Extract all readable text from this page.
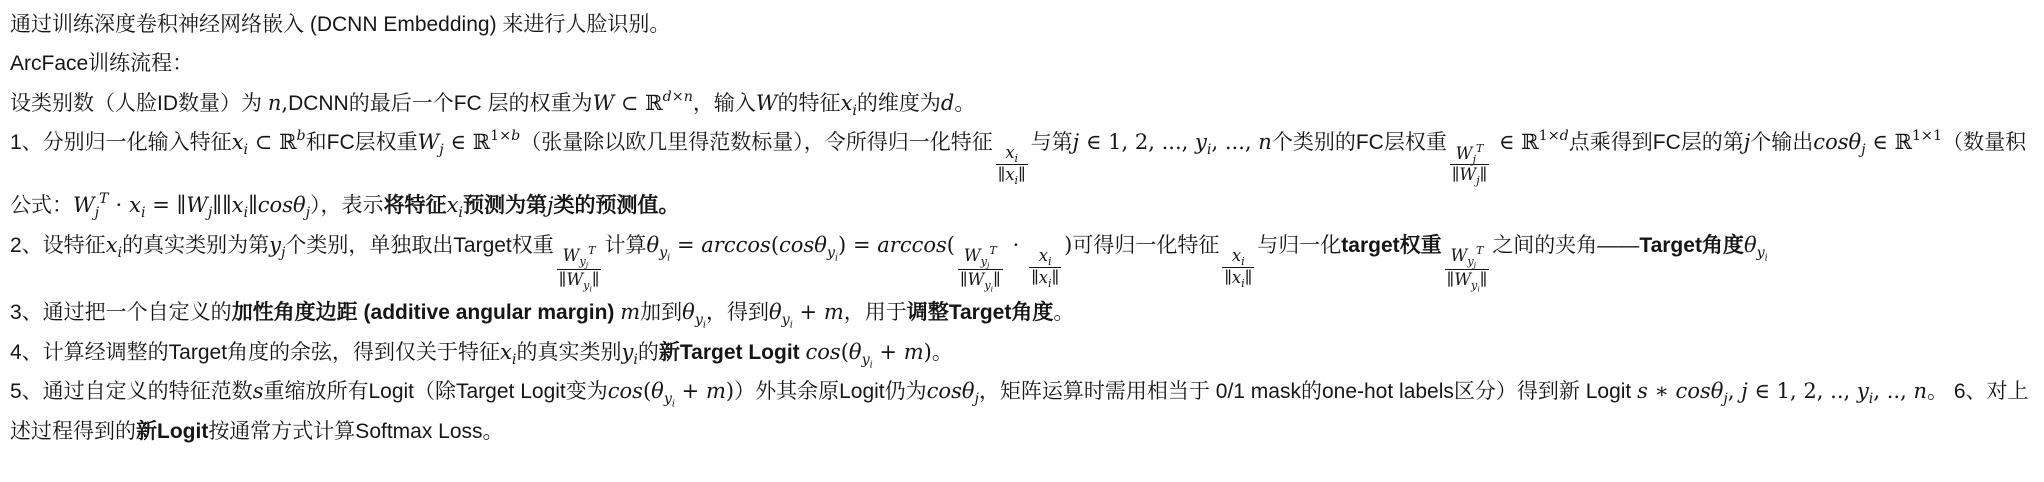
通过训练深度卷积神经网络嵌入 (DCNN Embedding) 来进行人脸识别。
ArcFace训练流程：
设类别数（人脸ID数量）为 n,DCNN的最后一个FC 层的权重为W ⊂ ℝ$^{d\times n}$，输入W的特征$x_i$的维度为d。
1、分别归一化输入特征$x_i$ ⊂ ℝ$^b$和FC层权重$W_j$ ∈ ℝ$^{1\times b}$（张量除以欧几里得范数标量），令所得归一化特征
$\frac{x_i}{\parallel x_i\parallel}$
与第j ∈ 1, 2, ..., $y_i$, ..., n个类别的FC层权重 $\frac{W_j^T}{\parallel W_j\parallel}$
∈ ℝ$^{1\times d}$点乘得到FC层的第j个输出cosθ$_j$ ∈ ℝ$^{1\times 1}$（数量积公式：$W_j^T \cdot x_i$ = $\parallel W_j\parallel\parallel x_i\parallel\cos\theta_j$），表示将特征$x_i$预测为第j类的预测值。
2、设特征$x_i$的真实类别为第$y_j$个类别，单独取出Target权重 $\frac{W_{y_j}^T}{\parallel W_{y_i}\parallel}$ 计算$\theta_{y_i} = \arccos(\cos\theta_{y_i}) = \arccos$(
$\frac{W_{y_j}^T}{\parallel W_{y_i}\parallel}$
⋅
$\frac{x_i}{\parallel x_i\parallel}$
)可得归一化特征
$\frac{x_i}{\parallel x_i\parallel}$
与归一化target权重 $\frac{W_{y_j}^T}{\parallel W_{y_i}\parallel}$ 之间的夹角——Target角度$\theta_{y_i}$
3、通过把一个自定义的加性角度边距 (additive angular margin) m加到$\theta_{y_i}$，得到$\theta_{y_i} + m$，用于调整Target角度。
4、计算经调整的Target角度的余弦，得到仅关于特征$x_i$的真实类别$y_i$的新Target Logit $\cos(\theta_{y_i} + m)$。
5、通过自定义的特征范数s重缩放所有Logit（除Target Logit变为$\cos(\theta_{y_i} + m)$）外其余原Logit仍为cosθ$_j$，矩阵运算时需用相当于 0/1 mask的one-hot labels区分）得到新 Logit s ∗ cosθ$_j$, j ∈ 1, 2, .., $y_i$, .., n。 6、对上述过程得到的新Logit按通常方式计算Softmax Loss。
